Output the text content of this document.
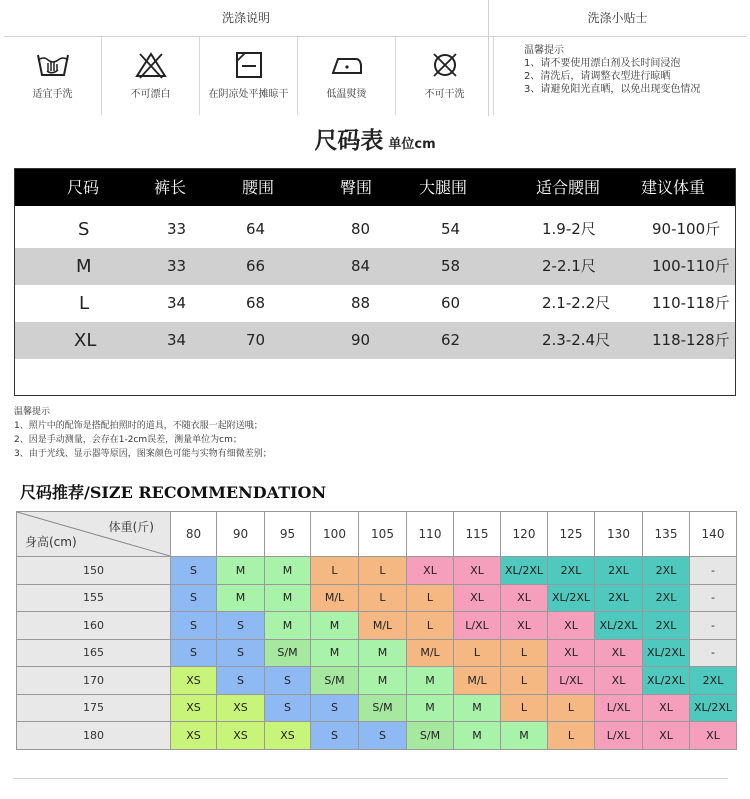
洗涤说明	洗涤小贴士
适宜手洗	不可漂白	在阴凉处平摊晾干	低温熨烫	不可干洗
温馨提示
1、请不要使用漂白剂及长时间浸泡
2、清洗后，请调整衣型进行晾晒
3、请避免阳光直晒，以免出现变色情况
尺码表 单位cm
尺码	裤长	腰围	臀围	大腿围	适合腰围	建议体重
S	33	64	80	54	1.9-2尺	90-100斤
M	33	66	84	58	2-2.1尺	100-110斤
L	34	68	88	60	2.1-2.2尺	110-118斤
XL	34	70	90	62	2.3-2.4尺	118-128斤
温馨提示
1、照片中的配饰是搭配拍照时的道具，不随衣服一起附送哦；
2、因是手动测量，会存在1-2cm误差，测量单位为cm；
3、由于光线、显示器等原因，图案颜色可能与实物有细微差别；
尺码推荐/SIZE RECOMMENDATION
体重(斤)
身高(cm)	80	90	95	100	105	110	115	120	125	130	135	140
150	S	M	M	L	L	XL	XL	XL/2XL	2XL	2XL	2XL	-
155	S	M	M	M/L	L	L	XL	XL	XL/2XL	2XL	2XL	-
160	S	S	M	M	M/L	L	L/XL	XL	XL	XL/2XL	2XL	-
165	S	S	S/M	M	M	M/L	L	L	XL	XL	XL/2XL	-
170	XS	S	S	S/M	M	M	M/L	L	L/XL	XL	XL/2XL	2XL
175	XS	XS	S	S	S/M	M	M	L	L	L/XL	XL	XL/2XL
180	XS	XS	XS	S	S	S/M	M	M	L	L/XL	XL	XL
